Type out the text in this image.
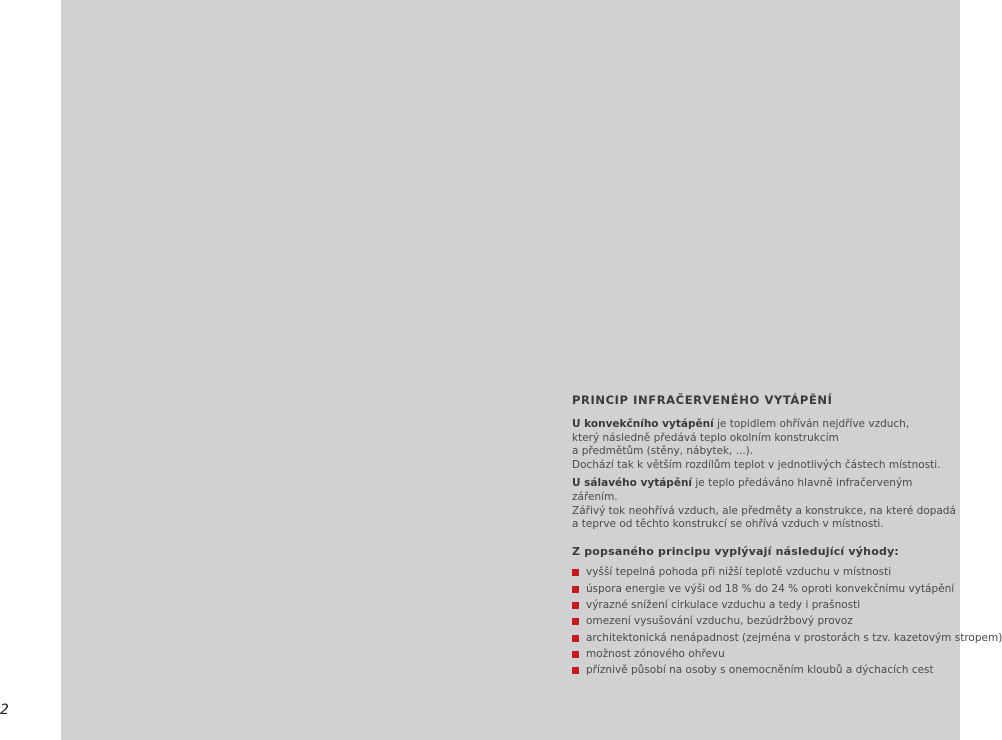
2
PRINCIP INFRAČERVENÉHO VYTÁPĚNÍ
U konvekčního vytápění je topidlem ohříván nejdříve vzduch,
který následně předává teplo okolním konstrukcím
a předmětům (stěny, nábytek, ...).
Dochází tak k větším rozdílům teplot v jednotlivých částech místnosti.
U sálavého vytápění je teplo předáváno hlavně infračerveným
zářením.
Zářivý tok neohřívá vzduch, ale předměty a konstrukce, na které dopadá
a teprve od těchto konstrukcí se ohřívá vzduch v místnosti.
Z popsaného principu vyplývají následující výhody:
vyšší tepelná pohoda při nižší teplotě vzduchu v místnosti
úspora energie ve výši od 18 % do 24 % oproti konvekčnímu vytápění
výrazné snížení cirkulace vzduchu a tedy i prašnosti
omezení vysušování vzduchu, bezúdržbový provoz
architektonická nenápadnost (zejména v prostorách s tzv. kazetovým stropem)
možnost zónového ohřevu
příznivě působí na osoby s onemocněním kloubů a dýchacích cest
